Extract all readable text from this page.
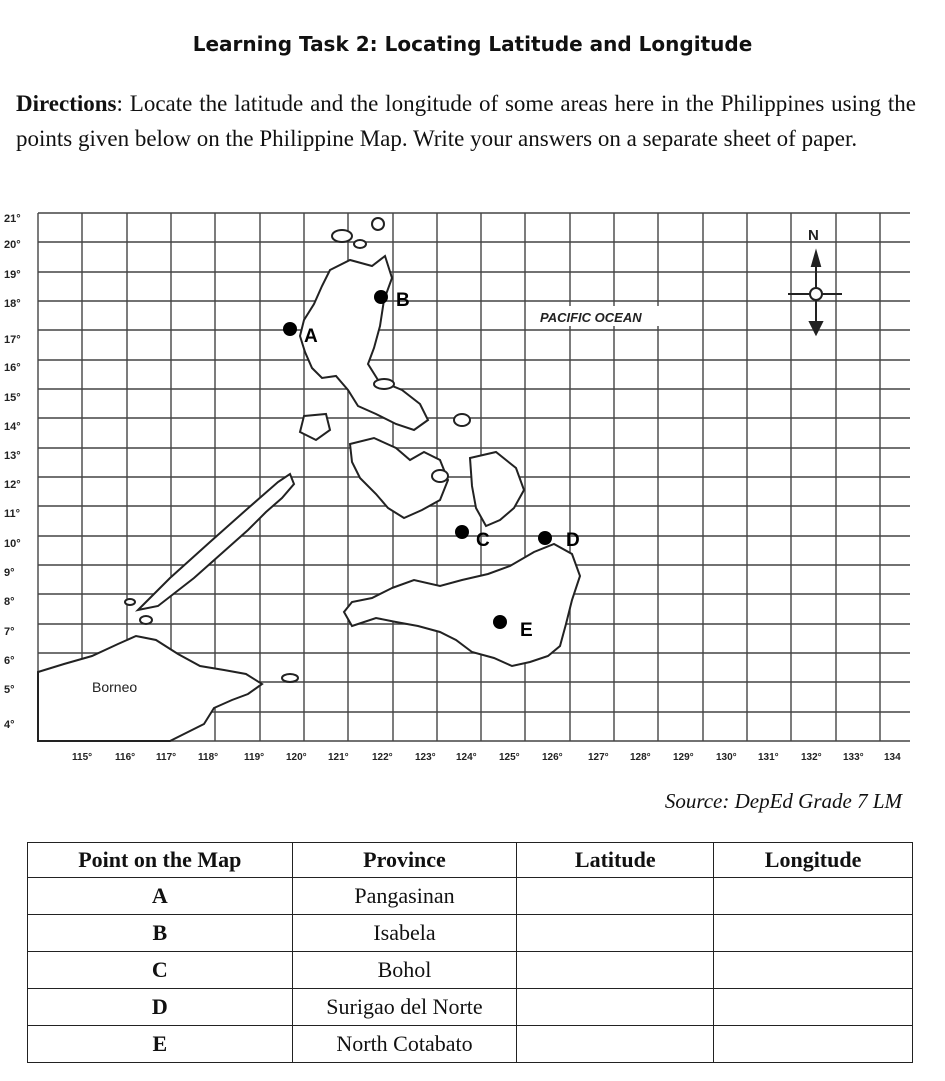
Learning Task 2: Locating Latitude and Longitude
Directions: Locate the latitude and the longitude of some areas here in the Philippines using the points given below on the Philippine Map. Write your answers on a separate sheet of paper.
21°
20°
19°
18°
17°
16°
15°
14°
13°
12°
11°
10°
9°
8°
7°
6°
5°
4°
115° 116° 117° 118°	119° 120° 121° 122° 123° 124° 125° 126°	127° 128° 129° 130° 131° 132° 133° 134
PACIFIC OCEAN
Borneo
N
A
B
C	D
E
Source: DepEd Grade 7 LM
Point on the Map	Province	Latitude	Longitude
A	Pangasinan		
B	Isabela		
C	Bohol		
D	Surigao del Norte		
E	North Cotabato		
